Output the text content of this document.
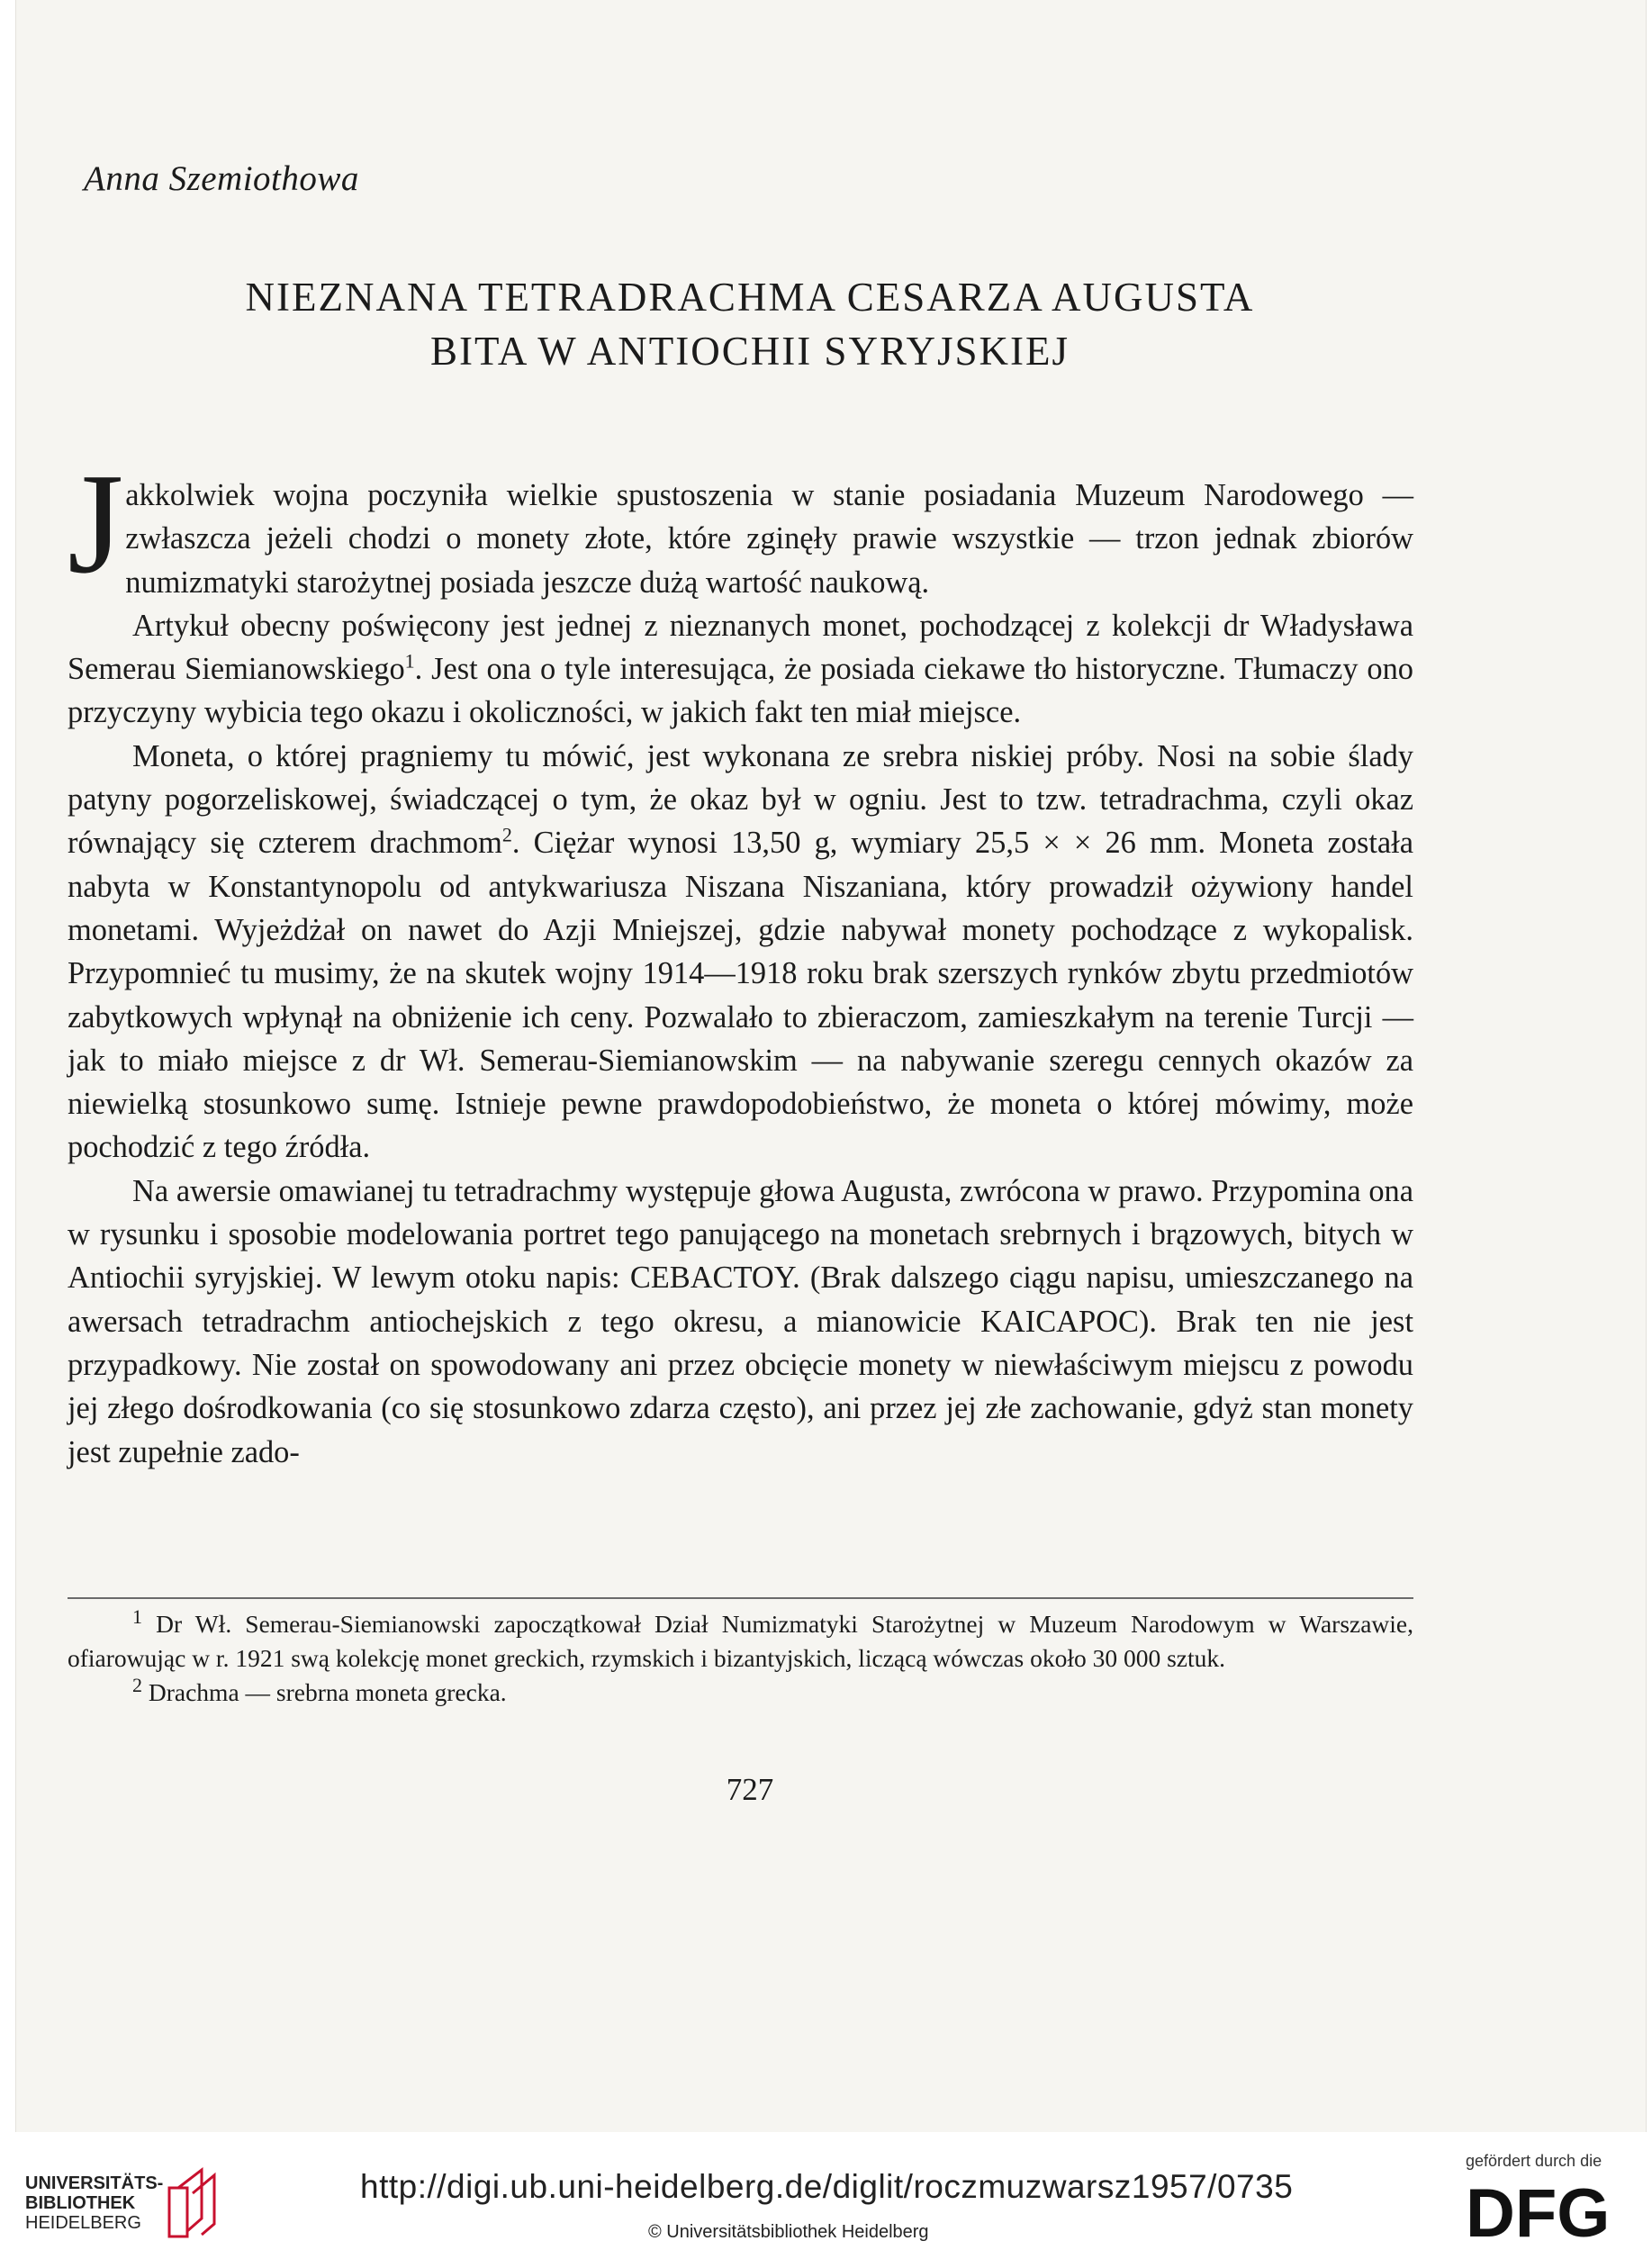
Anna Szemiothowa
NIEZNANA TETRADRACHMA CESARZA AUGUSTA
BITA W ANTIOCHII SYRYJSKIEJ

Jakkolwiek wojna poczyniła wielkie spustoszenia w stanie posiadania Muzeum Narodowego — zwłaszcza jeżeli chodzi o monety złote, które zginęły prawie wszystkie — trzon jednak zbiorów numizmatyki starożytnej posiada jeszcze dużą wartość naukową.

Artykuł obecny poświęcony jest jednej z nieznanych monet, pochodzącej z kolekcji dr Władysława Semerau Siemianowskiego$^1$. Jest ona o tyle interesująca, że posiada ciekawe tło historyczne. Tłumaczy ono przyczyny wybicia tego okazu i okoliczności, w jakich fakt ten miał miejsce.

Moneta, o której pragniemy tu mówić, jest wykonana ze srebra niskiej próby. Nosi na sobie ślady patyny pogorzeliskowej, świadczącej o tym, że okaz był w ogniu. Jest to tzw. tetradrachma, czyli okaz równający się czterem drachmom$^2$. Ciężar wynosi 13,50 g, wymiary 25,5 × × 26 mm. Moneta została nabyta w Konstantynopolu od antykwariusza Niszana Niszaniana, który prowadził ożywiony handel monetami. Wyjeżdżał on nawet do Azji Mniejszej, gdzie nabywał monety pochodzące z wykopalisk. Przypomnieć tu musimy, że na skutek wojny 1914—1918 roku brak szerszych rynków zbytu przedmiotów zabytkowych wpłynął na obniżenie ich ceny. Pozwalało to zbieraczom, zamieszkałym na terenie Turcji — jak to miało miejsce z dr Wł. Semerau-Siemianowskim — na nabywanie szeregu cennych okazów za niewielką stosunkowo sumę. Istnieje pewne prawdopodobieństwo, że moneta o której mówimy, może pochodzić z tego źródła.

Na awersie omawianej tu tetradrachmy występuje głowa Augusta, zwrócona w prawo. Przypomina ona w rysunku i sposobie modelowania portret tego panującego na monetach srebrnych i brązowych, bitych w Antiochii syryjskiej. W lewym otoku napis: CEBACTOY. (Brak dalszego ciągu napisu, umieszczanego na awersach tetradrachm antiochejskich z tego okresu, a mianowicie KAICAPOC). Brak ten nie jest przypadkowy. Nie został on spowodowany ani przez obcięcie monety w niewłaściwym miejscu z powodu jej złego dośrodkowania (co się stosunkowo zdarza często), ani przez jej złe zachowanie, gdyż stan monety jest zupełnie zado-

$^1$ Dr Wł. Semerau-Siemianowski zapoczątkował Dział Numizmatyki Starożytnej w Muzeum Narodowym w Warszawie, ofiarowując w r. 1921 swą kolekcję monet greckich, rzymskich i bizantyjskich, liczącą wówczas około 30 000 sztuk.

$^2$ Drachma — srebrna moneta grecka.

727
UNIVERSITÄTS-
BIBLIOTHEK
HEIDELBERG
http://digi.ub.uni-heidelberg.de/diglit/roczmuzwarsz1957/0735
© Universitätsbibliothek Heidelberg
gefördert durch die
DFG
